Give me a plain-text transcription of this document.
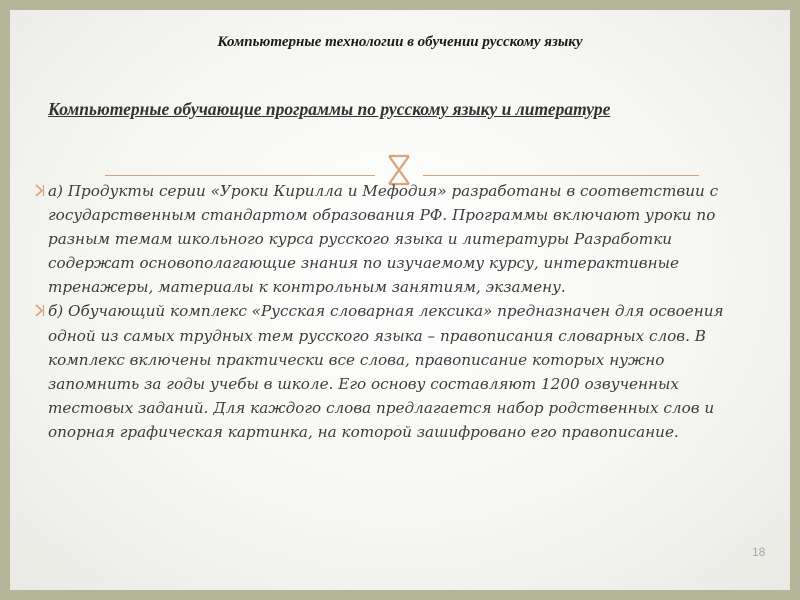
Компьютерные технологии в обучении русскому языку
Компьютерные обучающие программы по русскому языку и литературе

а) Продукты серии «Уроки Кирилла и Мефодия» разработаны в соответствии с государственным стандартом образования РФ. Программы включают уроки по разным темам школьного курса русского языка и литературы Разработки содержат основополагающие знания по изучаемому курсу, интерактивные тренажеры, материалы к контрольным занятиям, экзамену.

б) Обучающий комплекс «Русская словарная лексика» предназначен для освоения одной из самых трудных тем русского языка – правописания словарных слов. В комплекс включены практически все слова, правописание которых нужно запомнить за годы учебы в школе. Его основу составляют 1200 озвученных тестовых заданий. Для каждого слова предлагается набор родственных слов и опорная графическая картинка, на которой зашифровано его правописание.

18
